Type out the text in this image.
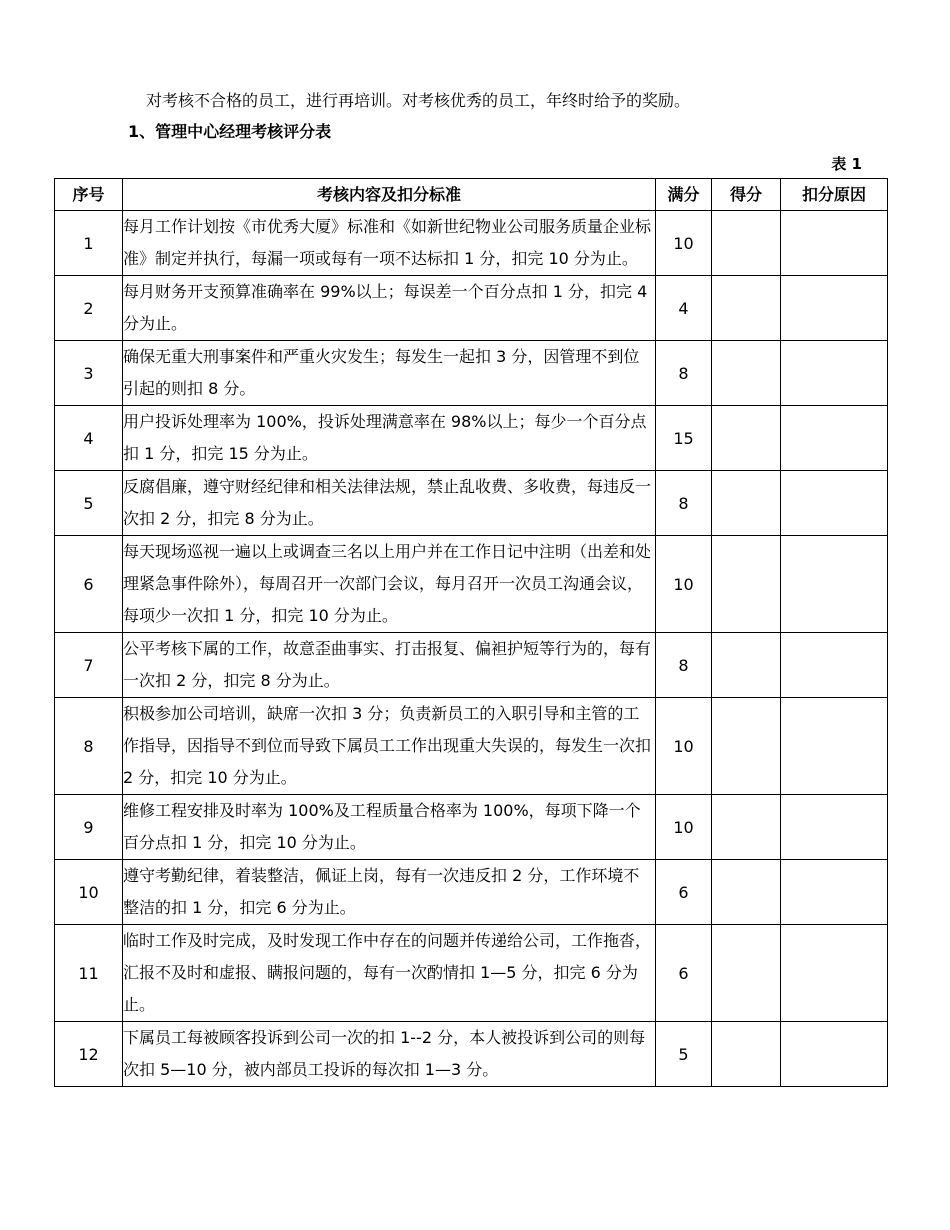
对考核不合格的员工，进行再培训。对考核优秀的员工，年终时给予的奖励。
1、管理中心经理考核评分表
表 1
序号	考核内容及扣分标准	满分	得分	扣分原因
1	每月工作计划按《市优秀大厦》标准和《如新世纪物业公司服务质量企业标准》制定并执行，每漏一项或每有一项不达标扣 1 分，扣完 10 分为止。	10		
2	每月财务开支预算准确率在 99%以上；每误差一个百分点扣 1 分，扣完 4 分为止。	4		
3	确保无重大刑事案件和严重火灾发生；每发生一起扣 3 分，因管理不到位引起的则扣 8 分。	8		
4	用户投诉处理率为 100%，投诉处理满意率在 98%以上；每少一个百分点扣 1 分，扣完 15 分为止。	15		
5	反腐倡廉，遵守财经纪律和相关法律法规，禁止乱收费、多收费，每违反一次扣 2 分，扣完 8 分为止。	8		
6	每天现场巡视一遍以上或调查三名以上用户并在工作日记中注明（出差和处理紧急事件除外），每周召开一次部门会议，每月召开一次员工沟通会议，每项少一次扣 1 分，扣完 10 分为止。	10		
7	公平考核下属的工作，故意歪曲事实、打击报复、偏袒护短等行为的，每有一次扣 2 分，扣完 8 分为止。	8		
8	积极参加公司培训，缺席一次扣 3 分；负责新员工的入职引导和主管的工作指导，因指导不到位而导致下属员工工作出现重大失误的，每发生一次扣 2 分，扣完 10 分为止。	10		
9	维修工程安排及时率为 100%及工程质量合格率为 100%，每项下降一个百分点扣 1 分，扣完 10 分为止。	10		
10	遵守考勤纪律，着装整洁，佩证上岗，每有一次违反扣 2 分，工作环境不整洁的扣 1 分，扣完 6 分为止。	6		
11	临时工作及时完成，及时发现工作中存在的问题并传递给公司，工作拖沓，汇报不及时和虚报、瞒报问题的，每有一次酌情扣 1—5 分，扣完 6 分为止。	6		
12	下属员工每被顾客投诉到公司一次的扣 1--2 分，本人被投诉到公司的则每次扣 5—10 分，被内部员工投诉的每次扣 1—3 分。	5		
